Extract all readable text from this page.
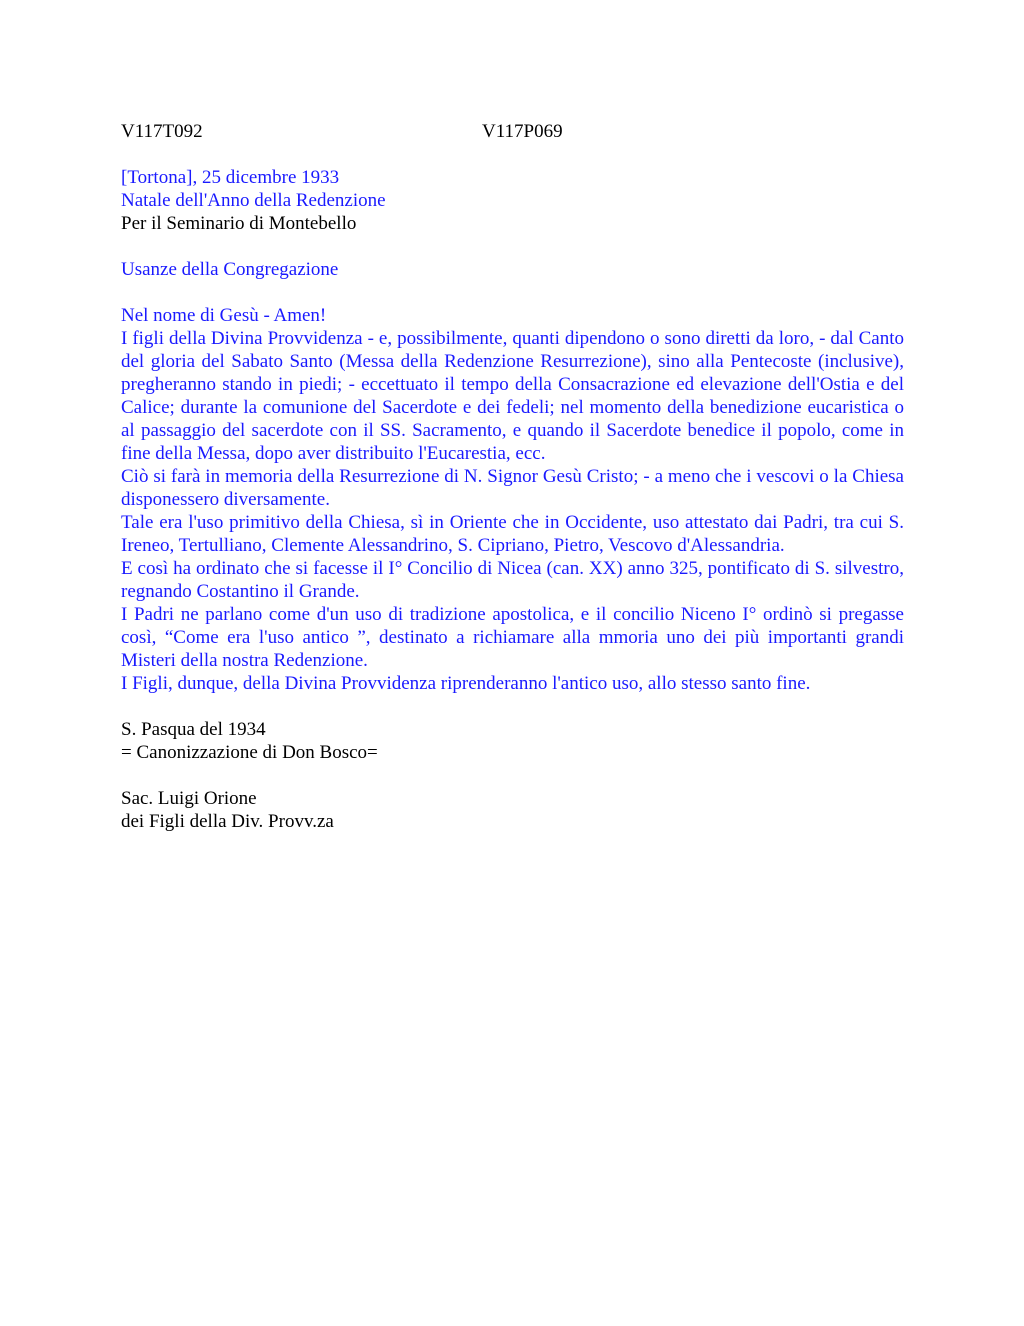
V117T092	V117P069
[Tortona], 25 dicembre 1933
Natale dell'Anno della Redenzione
Per il Seminario di Montebello
Usanze della Congregazione
Nel nome di Gesù - Amen!

I figli della Divina Provvidenza - e, possibilmente, quanti dipendono o sono diretti da loro, - dal Canto del gloria del Sabato Santo (Messa della Redenzione Resurrezione), sino alla Pentecoste (inclusive), pregheranno stando in piedi; - eccettuato il tempo della Consacrazione ed elevazione dell'Ostia e del Calice; durante la comunione del Sacerdote e dei fedeli; nel momento della benedizione eucaristica o al passaggio del sacerdote con il SS. Sacramento, e quando il Sacerdote benedice il popolo, come in fine della Messa, dopo aver distribuito l'Eucarestia, ecc.

Ciò si farà in memoria della Resurrezione di N. Signor Gesù Cristo; - a meno che i vescovi o la Chiesa disponessero diversamente.

Tale era l'uso primitivo della Chiesa, sì in Oriente che in Occidente, uso attestato dai Padri, tra cui S. Ireneo, Tertulliano, Clemente Alessandrino, S. Cipriano, Pietro, Vescovo d'Alessandria.

E così ha ordinato che si facesse il I° Concilio di Nicea (can. XX) anno 325, pontificato di S. silvestro, regnando Costantino il Grande.

I Padri ne parlano come d'un uso di tradizione apostolica, e il concilio Niceno I° ordinò si pregasse così, “Come era l'uso antico ”, destinato a richiamare alla mmoria uno dei più importanti grandi Misteri della nostra Redenzione.

I Figli, dunque, della Divina Provvidenza riprenderanno l'antico uso, allo stesso santo fine.

S. Pasqua del 1934
= Canonizzazione di Don Bosco=
Sac. Luigi Orione
dei Figli della Div. Provv.za
